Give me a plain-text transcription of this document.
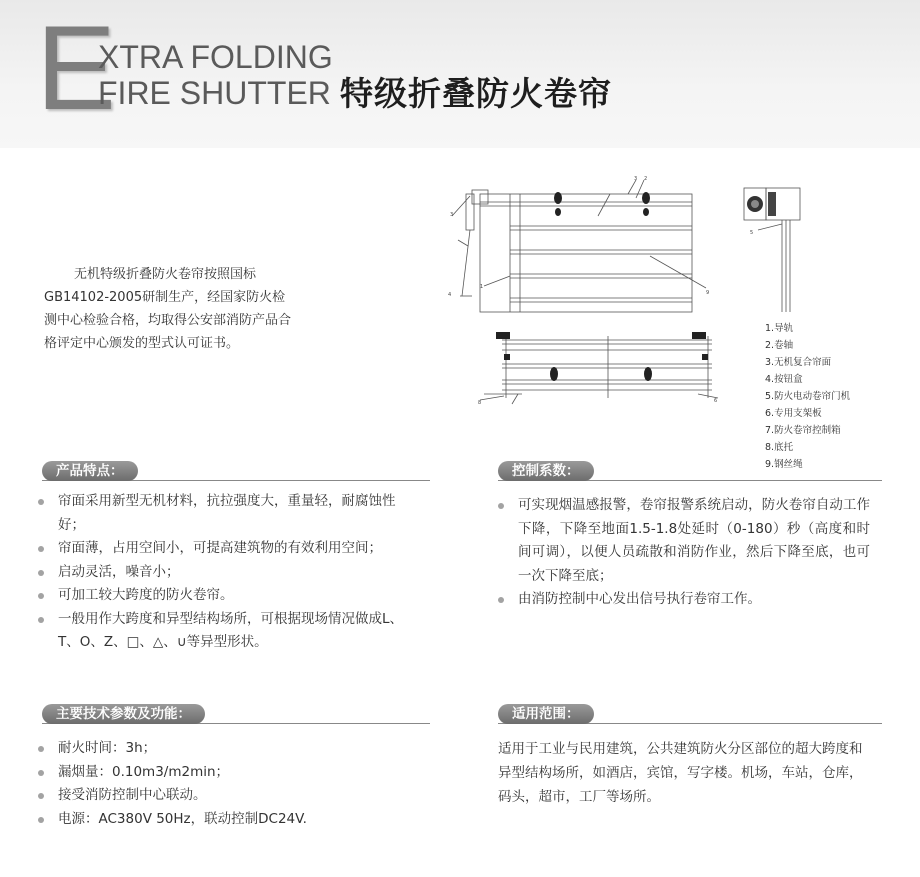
E
XTRA FOLDING
FIRE SHUTTER 特级折叠防火卷帘

无机特级折叠防火卷帘按照国标GB14102-2005研制生产，经国家防火检测中心检验合格，均取得公安部消防产品合格评定中心颁发的型式认可证书。

3
4
1
3 2
9
8	6
5
1.导轨
2.卷轴
3.无机复合帘面
4.按钮盒
5.防火电动卷帘门机
6.专用支架板
7.防火卷帘控制箱
8.底托
9.钢丝绳
产品特点：
帘面采用新型无机材料，抗拉强度大，重量轻，耐腐蚀性好；
帘面薄，占用空间小，可提高建筑物的有效利用空间；
启动灵活，噪音小；
可加工较大跨度的防火卷帘。
一般用作大跨度和异型结构场所，可根据现场情况做成L、T、O、Z、□、△、∪等异型形状。
控制系数：
可实现烟温感报警，卷帘报警系统启动，防火卷帘自动工作下降，下降至地面1.5-1.8处延时（0-180）秒（高度和时间可调），以便人员疏散和消防作业，然后下降至底，也可一次下降至底；
由消防控制中心发出信号执行卷帘工作。
主要技术参数及功能：
耐火时间：3h；
漏烟量：0.10m3/m2min；
接受消防控制中心联动。
电源：AC380V 50Hz，联动控制DC24V.
适用范围：

适用于工业与民用建筑，公共建筑防火分区部位的超大跨度和异型结构场所，如酒店，宾馆，写字楼。机场，车站，仓库，码头，超市，工厂等场所。
